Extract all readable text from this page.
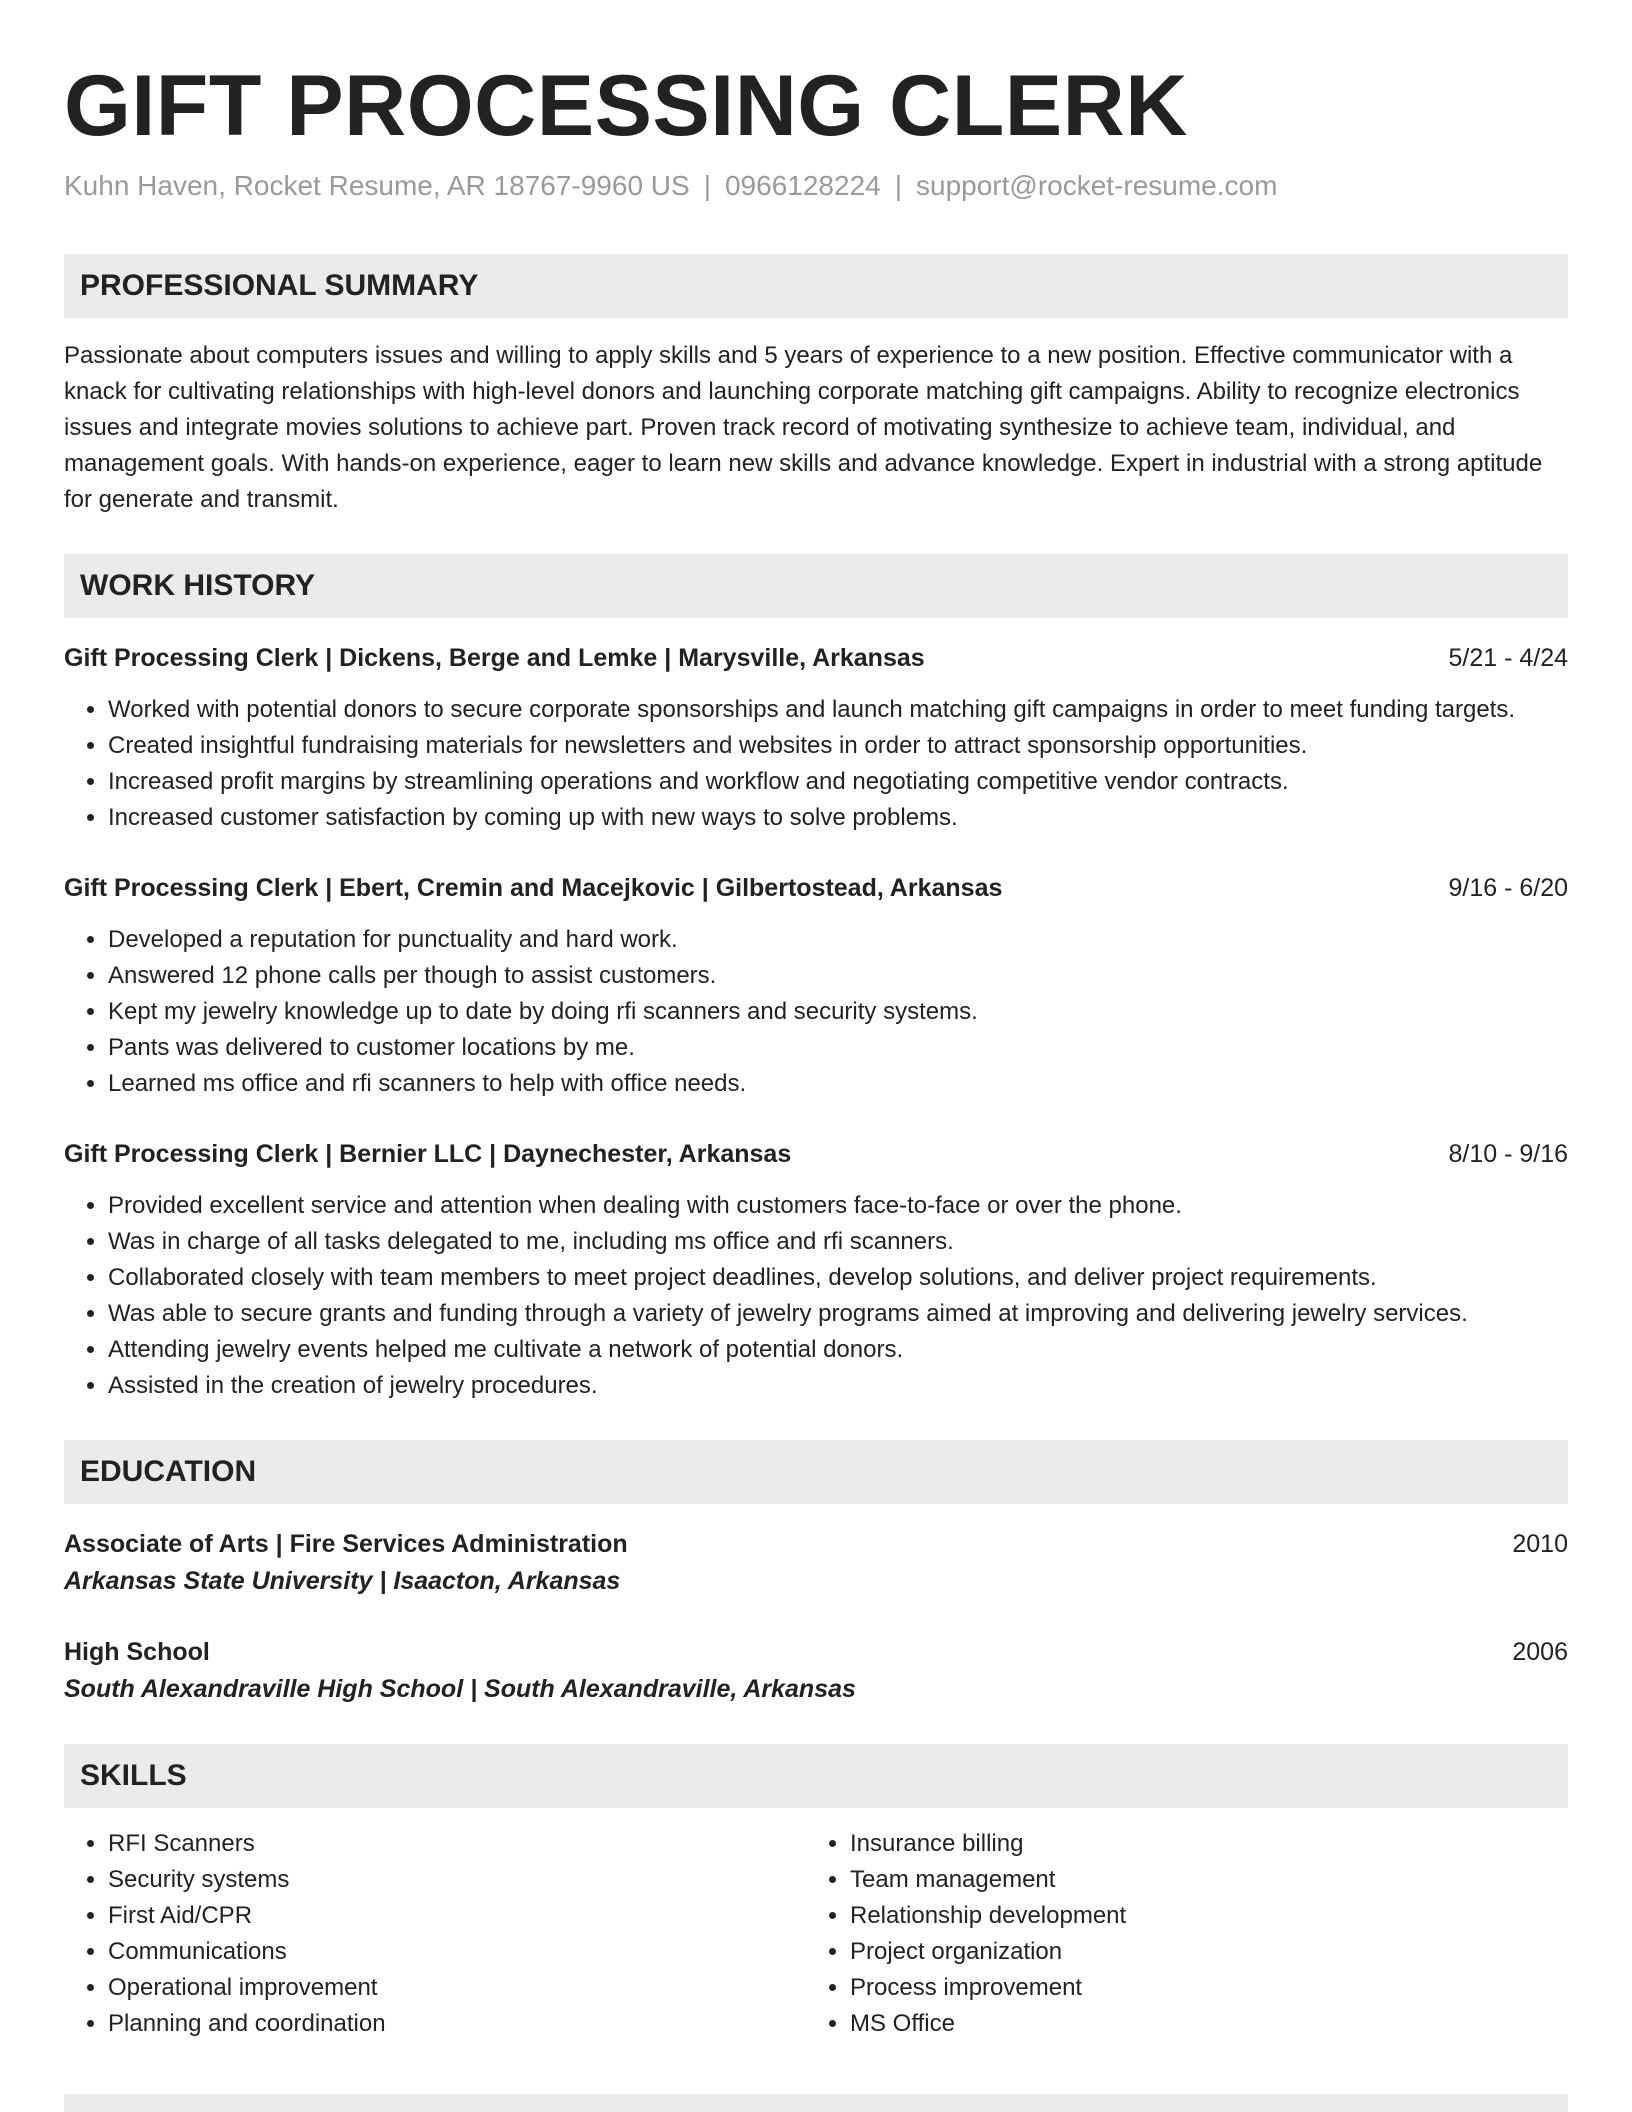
GIFT PROCESSING CLERK
Kuhn Haven, Rocket Resume, AR 18767-9960 US | 0966128224 | support@rocket-resume.com
PROFESSIONAL SUMMARY
Passionate about computers issues and willing to apply skills and 5 years of experience to a new position. Effective communicator with a knack for cultivating relationships with high-level donors and launching corporate matching gift campaigns. Ability to recognize electronics issues and integrate movies solutions to achieve part. Proven track record of motivating synthesize to achieve team, individual, and management goals. With hands-on experience, eager to learn new skills and advance knowledge. Expert in industrial with a strong aptitude for generate and transmit.
WORK HISTORY
Gift Processing Clerk | Dickens, Berge and Lemke | Marysville, Arkansas	5/21 - 4/24
• Worked with potential donors to secure corporate sponsorships and launch matching gift campaigns in order to meet funding targets.
• Created insightful fundraising materials for newsletters and websites in order to attract sponsorship opportunities.
• Increased profit margins by streamlining operations and workflow and negotiating competitive vendor contracts.
• Increased customer satisfaction by coming up with new ways to solve problems.
Gift Processing Clerk | Ebert, Cremin and Macejkovic | Gilbertostead, Arkansas	9/16 - 6/20
• Developed a reputation for punctuality and hard work.
• Answered 12 phone calls per though to assist customers.
• Kept my jewelry knowledge up to date by doing rfi scanners and security systems.
• Pants was delivered to customer locations by me.
• Learned ms office and rfi scanners to help with office needs.
Gift Processing Clerk | Bernier LLC | Daynechester, Arkansas	8/10 - 9/16
• Provided excellent service and attention when dealing with customers face-to-face or over the phone.
• Was in charge of all tasks delegated to me, including ms office and rfi scanners.
• Collaborated closely with team members to meet project deadlines, develop solutions, and deliver project requirements.
• Was able to secure grants and funding through a variety of jewelry programs aimed at improving and delivering jewelry services.
• Attending jewelry events helped me cultivate a network of potential donors.
• Assisted in the creation of jewelry procedures.
EDUCATION
Associate of Arts | Fire Services Administration	2010
Arkansas State University | Isaacton, Arkansas
High School	2006
South Alexandraville High School | South Alexandraville, Arkansas
SKILLS
• RFI Scanners
• Security systems
• First Aid/CPR
• Communications
• Operational improvement
• Planning and coordination
• Insurance billing
• Team management
• Relationship development
• Project organization
• Process improvement
• MS Office
